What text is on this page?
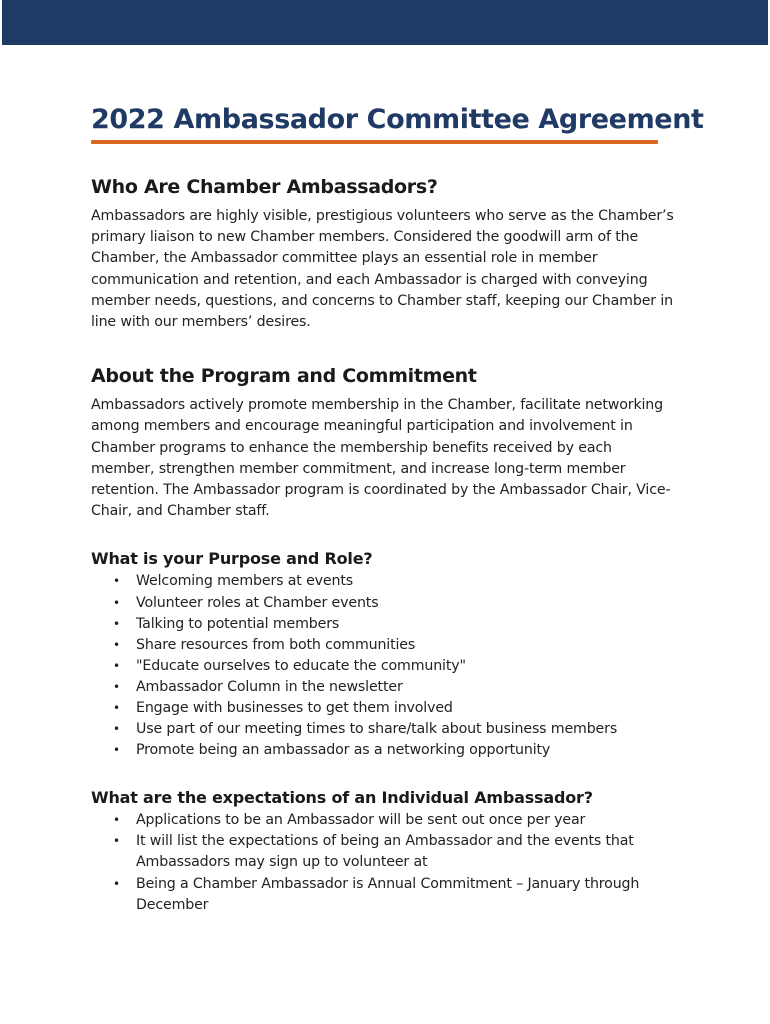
2022 Ambassador Committee Agreement
Who Are Chamber Ambassadors?

Ambassadors are highly visible, prestigious volunteers who serve as the Chamber’s
primary liaison to new Chamber members. Considered the goodwill arm of the
Chamber, the Ambassador committee plays an essential role in member
communication and retention, and each Ambassador is charged with conveying
member needs, questions, and concerns to Chamber staff, keeping our Chamber in
line with our members’ desires.

About the Program and Commitment

Ambassadors actively promote membership in the Chamber, facilitate networking
among members and encourage meaningful participation and involvement in
Chamber programs to enhance the membership benefits received by each
member, strengthen member commitment, and increase long-term member
retention. The Ambassador program is coordinated by the Ambassador Chair, Vice-
Chair, and Chamber staff.

What is your Purpose and Role?
• Welcoming members at events
• Volunteer roles at Chamber events
• Talking to potential members
• Share resources from both communities
• "Educate ourselves to educate the community"
• Ambassador Column in the newsletter
• Engage with businesses to get them involved
• Use part of our meeting times to share/talk about business members
• Promote being an ambassador as a networking opportunity
What are the expectations of an Individual Ambassador?
• Applications to be an Ambassador will be sent out once per year
• It will list the expectations of being an Ambassador and the events that
Ambassadors may sign up to volunteer at
• Being a Chamber Ambassador is Annual Commitment – January through
December
